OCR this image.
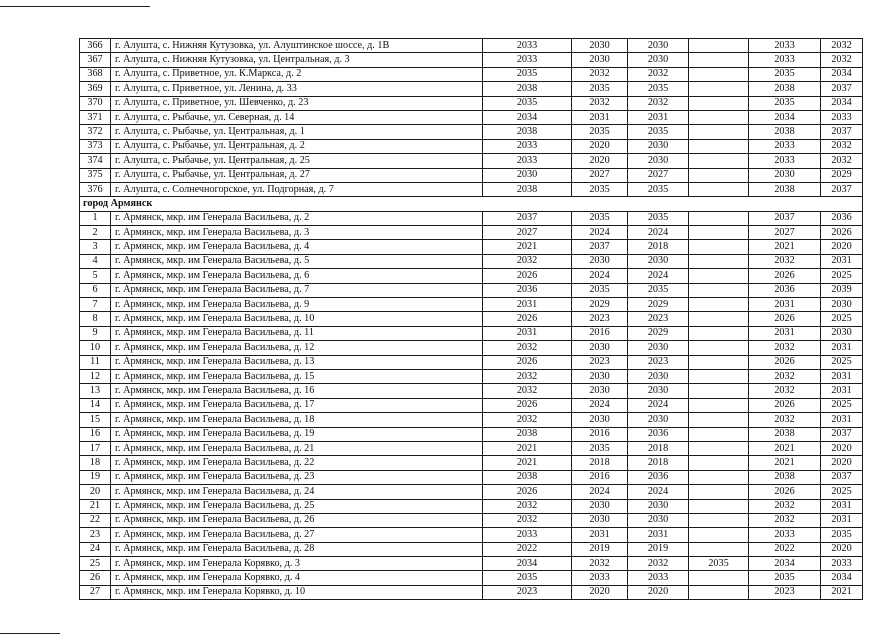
366	г. Алушта, с. Нижняя Кутузовка, ул. Алуштинское шоссе, д. 1В	2033	2030	2030		2033	2032
367	г. Алушта, с. Нижняя Кутузовка, ул. Центральная, д. 3	2033	2030	2030		2033	2032
368	г. Алушта, с. Приветное, ул. К.Маркса, д. 2	2035	2032	2032		2035	2034
369	г. Алушта, с. Приветное, ул. Ленина, д. 33	2038	2035	2035		2038	2037
370	г. Алушта, с. Приветное, ул. Шевченко, д. 23	2035	2032	2032		2035	2034
371	г. Алушта, с. Рыбачье, ул. Северная, д. 14	2034	2031	2031		2034	2033
372	г. Алушта, с. Рыбачье, ул. Центральная, д. 1	2038	2035	2035		2038	2037
373	г. Алушта, с. Рыбачье, ул. Центральная, д. 2	2033	2020	2030		2033	2032
374	г. Алушта, с. Рыбачье, ул. Центральная, д. 25	2033	2020	2030		2033	2032
375	г. Алушта, с. Рыбачье, ул. Центральная, д. 27	2030	2027	2027		2030	2029
376	г. Алушта, с. Солнечногорское, ул. Подгорная, д. 7	2038	2035	2035		2038	2037
город Армянск							
1	г. Армянск, мкр. им Генерала Васильева, д. 2	2037	2035	2035		2037	2036
2	г. Армянск, мкр. им Генерала Васильева, д. 3	2027	2024	2024		2027	2026
3	г. Армянск, мкр. им Генерала Васильева, д. 4	2021	2037	2018		2021	2020
4	г. Армянск, мкр. им Генерала Васильева, д. 5	2032	2030	2030		2032	2031
5	г. Армянск, мкр. им Генерала Васильева, д. 6	2026	2024	2024		2026	2025
6	г. Армянск, мкр. им Генерала Васильева, д. 7	2036	2035	2035		2036	2039
7	г. Армянск, мкр. им Генерала Васильева, д. 9	2031	2029	2029		2031	2030
8	г. Армянск, мкр. им Генерала Васильева, д. 10	2026	2023	2023		2026	2025
9	г. Армянск, мкр. им Генерала Васильева, д. 11	2031	2016	2029		2031	2030
10	г. Армянск, мкр. им Генерала Васильева, д. 12	2032	2030	2030		2032	2031
11	г. Армянск, мкр. им Генерала Васильева, д. 13	2026	2023	2023		2026	2025
12	г. Армянск, мкр. им Генерала Васильева, д. 15	2032	2030	2030		2032	2031
13	г. Армянск, мкр. им Генерала Васильева, д. 16	2032	2030	2030		2032	2031
14	г. Армянск, мкр. им Генерала Васильева, д. 17	2026	2024	2024		2026	2025
15	г. Армянск, мкр. им Генерала Васильева, д. 18	2032	2030	2030		2032	2031
16	г. Армянск, мкр. им Генерала Васильева, д. 19	2038	2016	2036		2038	2037
17	г. Армянск, мкр. им Генерала Васильева, д. 21	2021	2035	2018		2021	2020
18	г. Армянск, мкр. им Генерала Васильева, д. 22	2021	2018	2018		2021	2020
19	г. Армянск, мкр. им Генерала Васильева, д. 23	2038	2016	2036		2038	2037
20	г. Армянск, мкр. им Генерала Васильева, д. 24	2026	2024	2024		2026	2025
21	г. Армянск, мкр. им Генерала Васильева, д. 25	2032	2030	2030		2032	2031
22	г. Армянск, мкр. им Генерала Васильева, д. 26	2032	2030	2030		2032	2031
23	г. Армянск, мкр. им Генерала Васильева, д. 27	2033	2031	2031		2033	2035
24	г. Армянск, мкр. им Генерала Васильева, д. 28	2022	2019	2019		2022	2020
25	г. Армянск, мкр. им Генерала Корявко, д. 3	2034	2032	2032	2035	2034	2033
26	г. Армянск, мкр. им Генерала Корявко, д. 4	2035	2033	2033		2035	2034
27	г. Армянск, мкр. им Генерала Корявко, д. 10	2023	2020	2020		2023	2021
